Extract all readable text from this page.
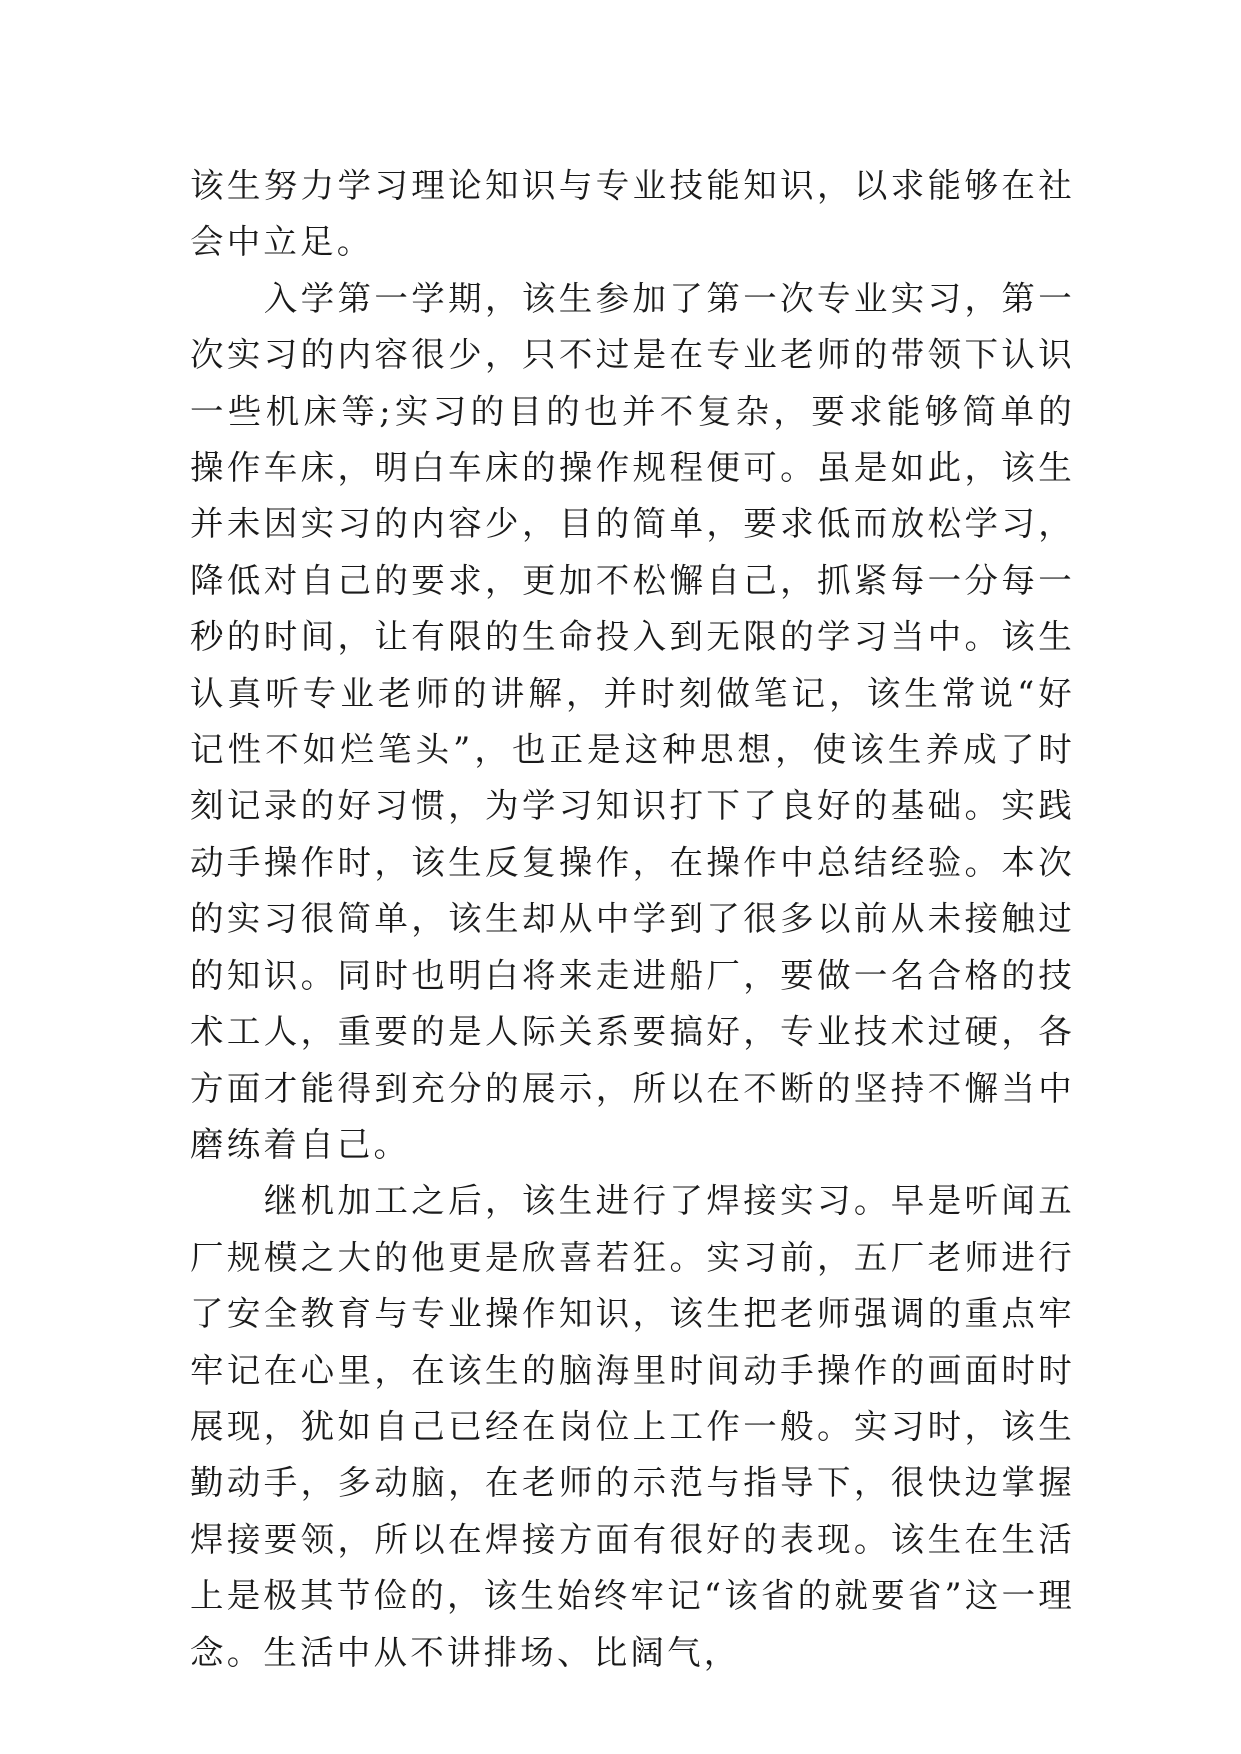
该生努力学习理论知识与专业技能知识，以求能够在社会中立足。

入学第一学期，该生参加了第一次专业实习，第一次实习的内容很少，只不过是在专业老师的带领下认识一些机床等;实习的目的也并不复杂，要求能够简单的操作车床，明白车床的操作规程便可。虽是如此，该生并未因实习的内容少，目的简单，要求低而放松学习，降低对自己的要求，更加不松懈自己，抓紧每一分每一秒的时间，让有限的生命投入到无限的学习当中。该生认真听专业老师的讲解，并时刻做笔记，该生常说“好记性不如烂笔头”，也正是这种思想，使该生养成了时刻记录的好习惯，为学习知识打下了良好的基础。实践动手操作时，该生反复操作，在操作中总结经验。本次的实习很简单，该生却从中学到了很多以前从未接触过的知识。同时也明白将来走进船厂，要做一名合格的技术工人，重要的是人际关系要搞好，专业技术过硬，各方面才能得到充分的展示，所以在不断的坚持不懈当中磨练着自己。

继机加工之后，该生进行了焊接实习。早是听闻五厂规模之大的他更是欣喜若狂。实习前，五厂老师进行了安全教育与专业操作知识，该生把老师强调的重点牢牢记在心里，在该生的脑海里时间动手操作的画面时时展现，犹如自己已经在岗位上工作一般。实习时，该生勤动手，多动脑，在老师的示范与指导下，很快边掌握焊接要领，所以在焊接方面有很好的表现。该生在生活上是极其节俭的，该生始终牢记“该省的就要省”这一理念。生活中从不讲排场、比阔气，
